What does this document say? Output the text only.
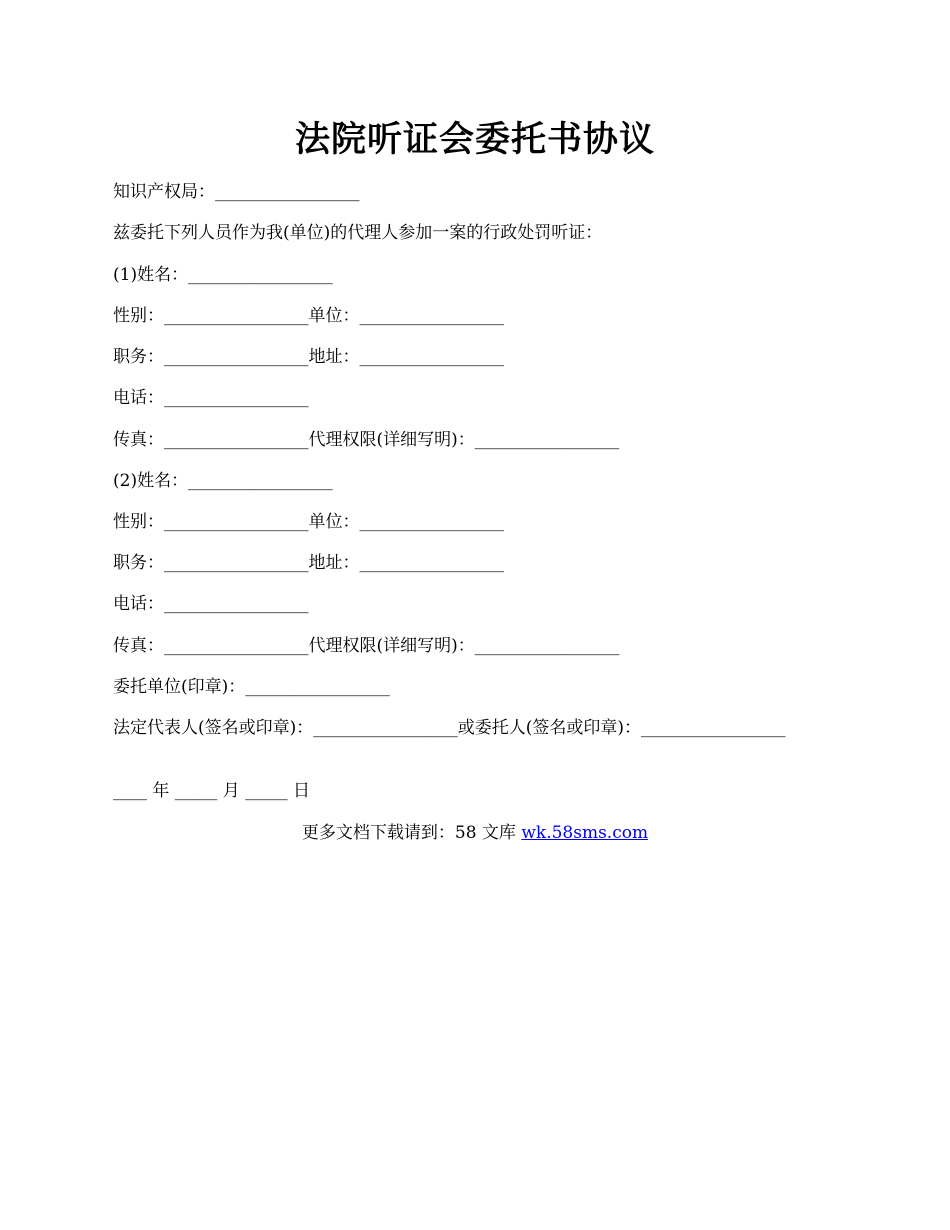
法院听证会委托书协议
知识产权局：_________________
兹委托下列人员作为我(单位)的代理人参加一案的行政处罚听证：
(1)姓名：_________________
性别：_________________单位：_________________
职务：_________________地址：_________________
电话：_________________
传真：_________________代理权限(详细写明)：_________________
(2)姓名：_________________
性别：_________________单位：_________________
职务：_________________地址：_________________
电话：_________________
传真：_________________代理权限(详细写明)：_________________
委托单位(印章)：_________________
法定代表人(签名或印章)：_________________或委托人(签名或印章)：_________________
____ 年 _____ 月 _____ 日
更多文档下载请到：58 文库 wk.58sms.com
